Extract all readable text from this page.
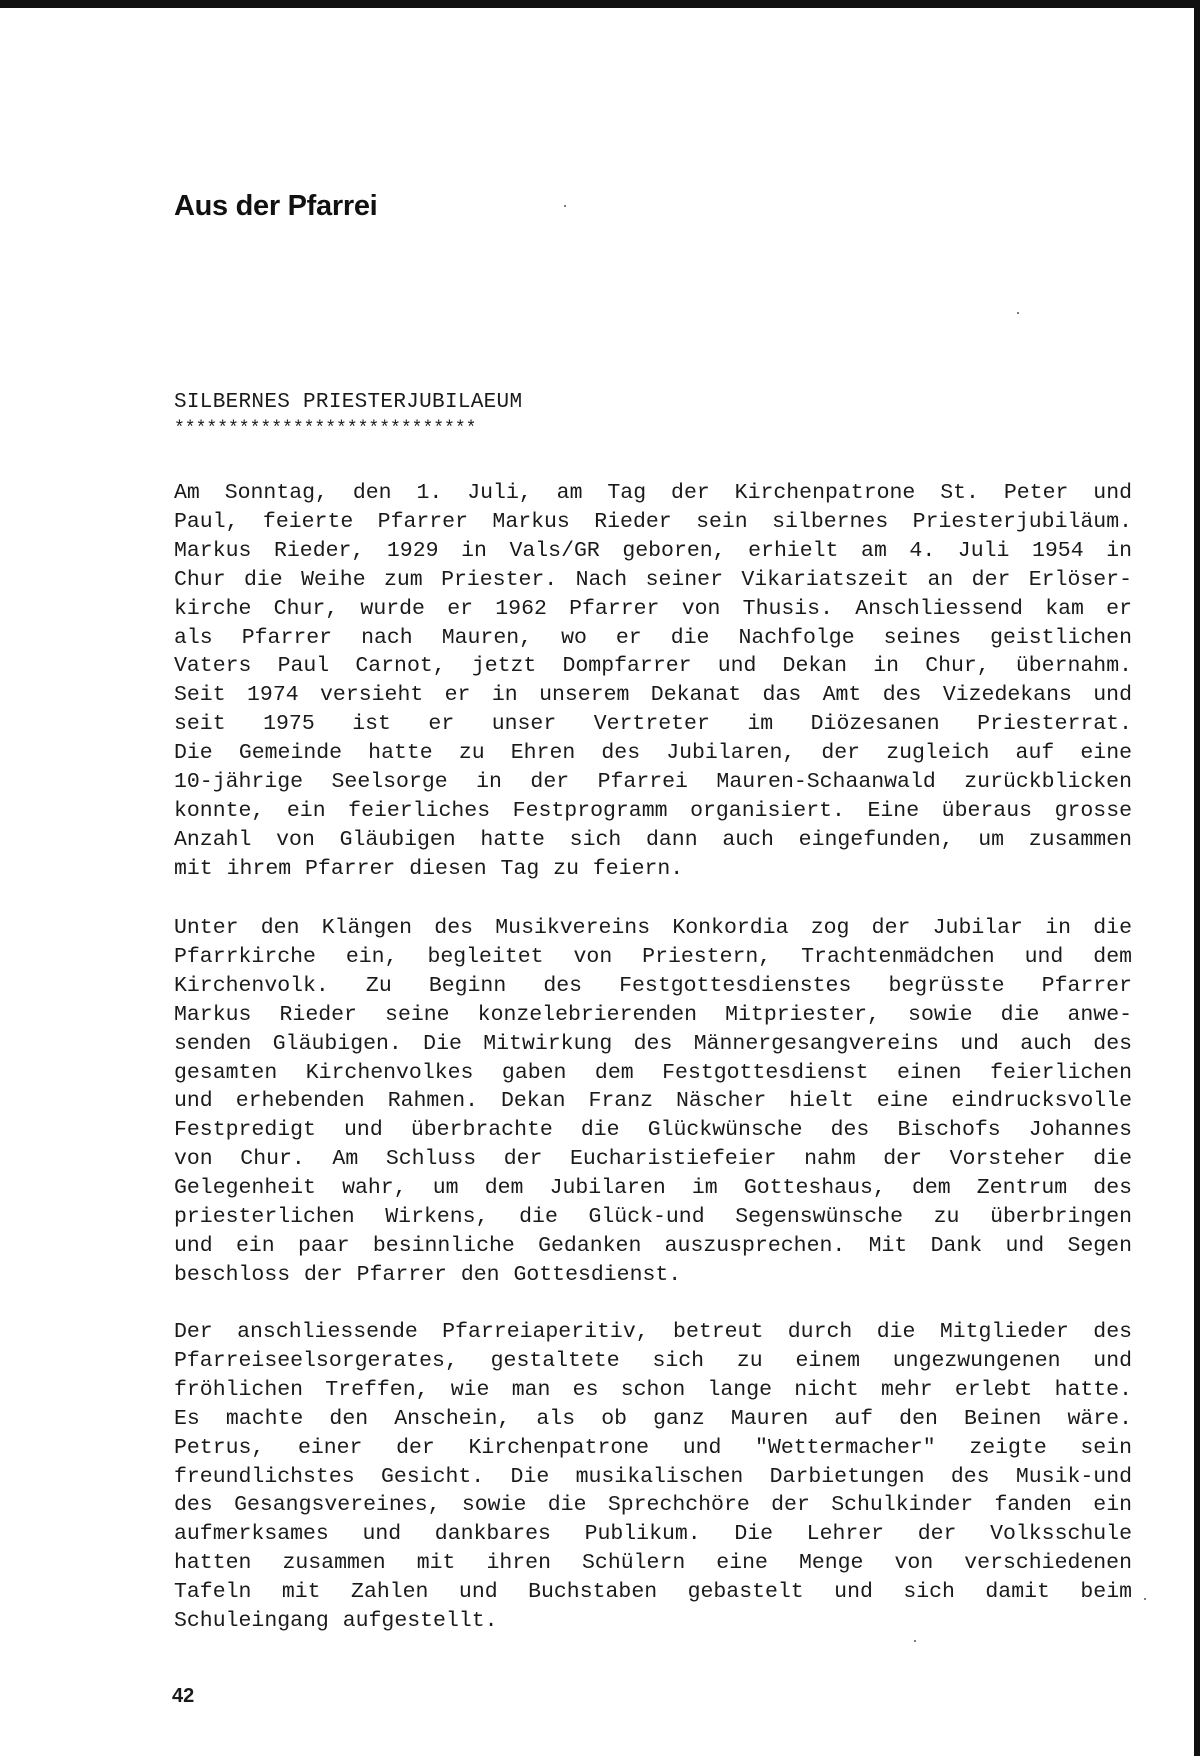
Aus der Pfarrei
SILBERNES PRIESTERJUBILAEUM
****************************
Am Sonntag, den 1. Juli, am Tag der Kirchenpatrone St. Peter und
Paul, feierte Pfarrer Markus Rieder sein silbernes Priesterjubiläum.
Markus Rieder, 1929 in Vals/GR geboren, erhielt am 4. Juli 1954 in
Chur die Weihe zum Priester. Nach seiner Vikariatszeit an der Erlöser-
kirche Chur, wurde er 1962 Pfarrer von Thusis. Anschliessend kam er
als Pfarrer nach Mauren, wo er die Nachfolge seines geistlichen
Vaters Paul Carnot, jetzt Dompfarrer und Dekan in Chur, übernahm.
Seit 1974 versieht er in unserem Dekanat das Amt des Vizedekans und
seit 1975 ist er unser Vertreter im Diözesanen Priesterrat.
Die Gemeinde hatte zu Ehren des Jubilaren, der zugleich auf eine
10-jährige Seelsorge in der Pfarrei Mauren-Schaanwald zurückblicken
konnte, ein feierliches Festprogramm organisiert. Eine überaus grosse
Anzahl von Gläubigen hatte sich dann auch eingefunden, um zusammen
mit ihrem Pfarrer diesen Tag zu feiern.
Unter den Klängen des Musikvereins Konkordia zog der Jubilar in die
Pfarrkirche ein, begleitet von Priestern, Trachtenmädchen und dem
Kirchenvolk. Zu Beginn des Festgottesdienstes begrüsste Pfarrer
Markus Rieder seine konzelebrierenden Mitpriester, sowie die anwe-
senden Gläubigen. Die Mitwirkung des Männergesangvereins und auch des
gesamten Kirchenvolkes gaben dem Festgottesdienst einen feierlichen
und erhebenden Rahmen. Dekan Franz Näscher hielt eine eindrucksvolle
Festpredigt und überbrachte die Glückwünsche des Bischofs Johannes
von Chur. Am Schluss der Eucharistiefeier nahm der Vorsteher die
Gelegenheit wahr, um dem Jubilaren im Gotteshaus, dem Zentrum des
priesterlichen Wirkens, die Glück-und Segenswünsche zu überbringen
und ein paar besinnliche Gedanken auszusprechen. Mit Dank und Segen
beschloss der Pfarrer den Gottesdienst.
Der anschliessende Pfarreiaperitiv, betreut durch die Mitglieder des
Pfarreiseelsorgerates, gestaltete sich zu einem ungezwungenen und
fröhlichen Treffen, wie man es schon lange nicht mehr erlebt hatte.
Es machte den Anschein, als ob ganz Mauren auf den Beinen wäre.
Petrus, einer der Kirchenpatrone und "Wettermacher" zeigte sein
freundlichstes Gesicht. Die musikalischen Darbietungen des Musik-und
des Gesangsvereines, sowie die Sprechchöre der Schulkinder fanden ein
aufmerksames und dankbares Publikum. Die Lehrer der Volksschule
hatten zusammen mit ihren Schülern eine Menge von verschiedenen
Tafeln mit Zahlen und Buchstaben gebastelt und sich damit beim
Schuleingang aufgestellt.
42
